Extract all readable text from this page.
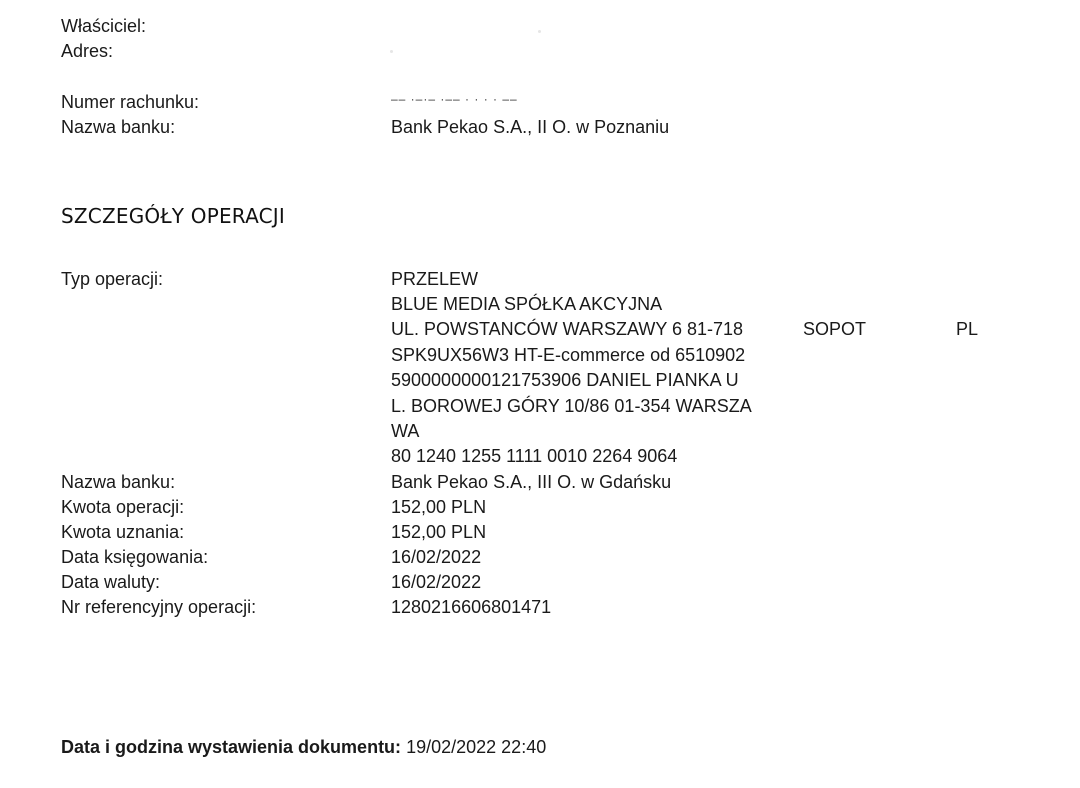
Właściciel:
Adres:
Numer rachunku:	–– ·–·– ·–– · · · · ––
Nazwa banku:	Bank Pekao S.A., II O. w Poznaniu
SZCZEGÓŁY OPERACJI
Typ operacji:	PRZELEW
BLUE MEDIA SPÓŁKA AKCYJNA
UL. POWSTANCÓW WARSZAWY 6 81-718	SOPOT	PL
SPK9UX56W3 HT-E-commerce od 6510902
5900000000121753906 DANIEL PIANKA U
L. BOROWEJ GÓRY 10/86 01-354 WARSZA
WA
80 1240 1255 1111 0010 2264 9064
Nazwa banku:	Bank Pekao S.A., III O. w Gdańsku
Kwota operacji:	152,00 PLN
Kwota uznania:	152,00 PLN
Data księgowania:	16/02/2022
Data waluty:	16/02/2022
Nr referencyjny operacji:	1280216606801471
Data i godzina wystawienia dokumentu: 19/02/2022 22:40
